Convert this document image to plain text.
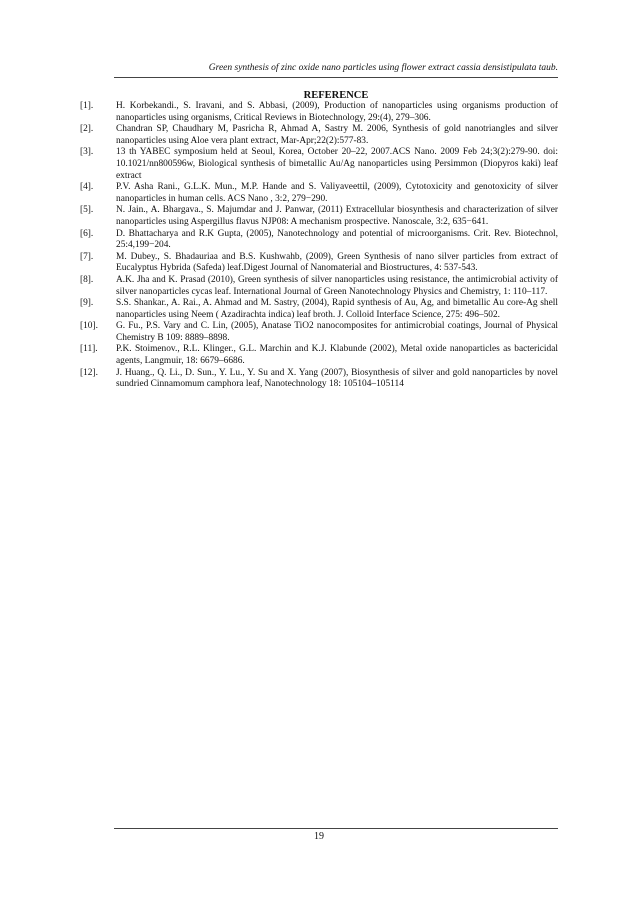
Green synthesis of zinc oxide nano particles using flower extract cassia densistipulata taub.
REFERENCE
[1].	H. Korbekandi., S. Iravani, and S. Abbasi, (2009), Production of nanoparticles using organisms production of nanoparticles using organisms, Critical Reviews in Biotechnology, 29:(4), 279–306.
[2].	Chandran SP, Chaudhary M, Pasricha R, Ahmad A, Sastry M. 2006, Synthesis of gold nanotriangles and silver nanoparticles using Aloe vera plant extract, Mar-Apr;22(2):577-83.
[3].	13 th YABEC symposium held at Seoul, Korea, October 20–22, 2007.ACS Nano. 2009 Feb 24;3(2):279-90. doi: 10.1021/nn800596w, Biological synthesis of bimetallic Au/Ag nanoparticles using Persimmon (Diopyros kaki) leaf extract
[4].	P.V. Asha Rani., G.L.K. Mun., M.P. Hande and S. Valiyaveettil, (2009), Cytotoxicity and genotoxicity of silver nanoparticles in human cells. ACS Nano , 3:2, 279−290.
[5].	N. Jain., A. Bhargava., S. Majumdar and J. Panwar, (2011) Extracellular biosynthesis and characterization of silver nanoparticles using Aspergillus flavus NJP08: A mechanism prospective. Nanoscale, 3:2, 635−641.
[6].	D. Bhattacharya and R.K Gupta, (2005), Nanotechnology and potential of microorganisms. Crit. Rev. Biotechnol, 25:4,199−204.
[7].	M. Dubey., S. Bhadauriaa and B.S. Kushwahb, (2009), Green Synthesis of nano silver particles from extract of Eucalyptus Hybrida (Safeda) leaf.Digest Journal of Nanomaterial and Biostructures, 4: 537-543.
[8].	A.K. Jha and K. Prasad (2010), Green synthesis of silver nanoparticles using resistance, the antimicrobial activity of silver nanoparticles cycas leaf. International Journal of Green Nanotechnology Physics and Chemistry, 1: 110–117.
[9].	S.S. Shankar., A. Rai., A. Ahmad and M. Sastry, (2004), Rapid synthesis of Au, Ag, and bimetallic Au core-Ag shell nanoparticles using Neem ( Azadirachta indica) leaf broth. J. Colloid Interface Science, 275: 496–502.
[10].	G. Fu., P.S. Vary and C. Lin, (2005), Anatase TiO2 nanocomposites for antimicrobial coatings, Journal of Physical Chemistry B 109: 8889–8898.
[11].	P.K. Stoimenov., R.L. Klinger., G.L. Marchin and K.J. Klabunde (2002), Metal oxide nanoparticles as bactericidal agents, Langmuir, 18: 6679–6686.
[12].	J. Huang., Q. Li., D. Sun., Y. Lu., Y. Su and X. Yang (2007), Biosynthesis of silver and gold nanoparticles by novel sundried Cinnamomum camphora leaf, Nanotechnology 18: 105104–105114
19
